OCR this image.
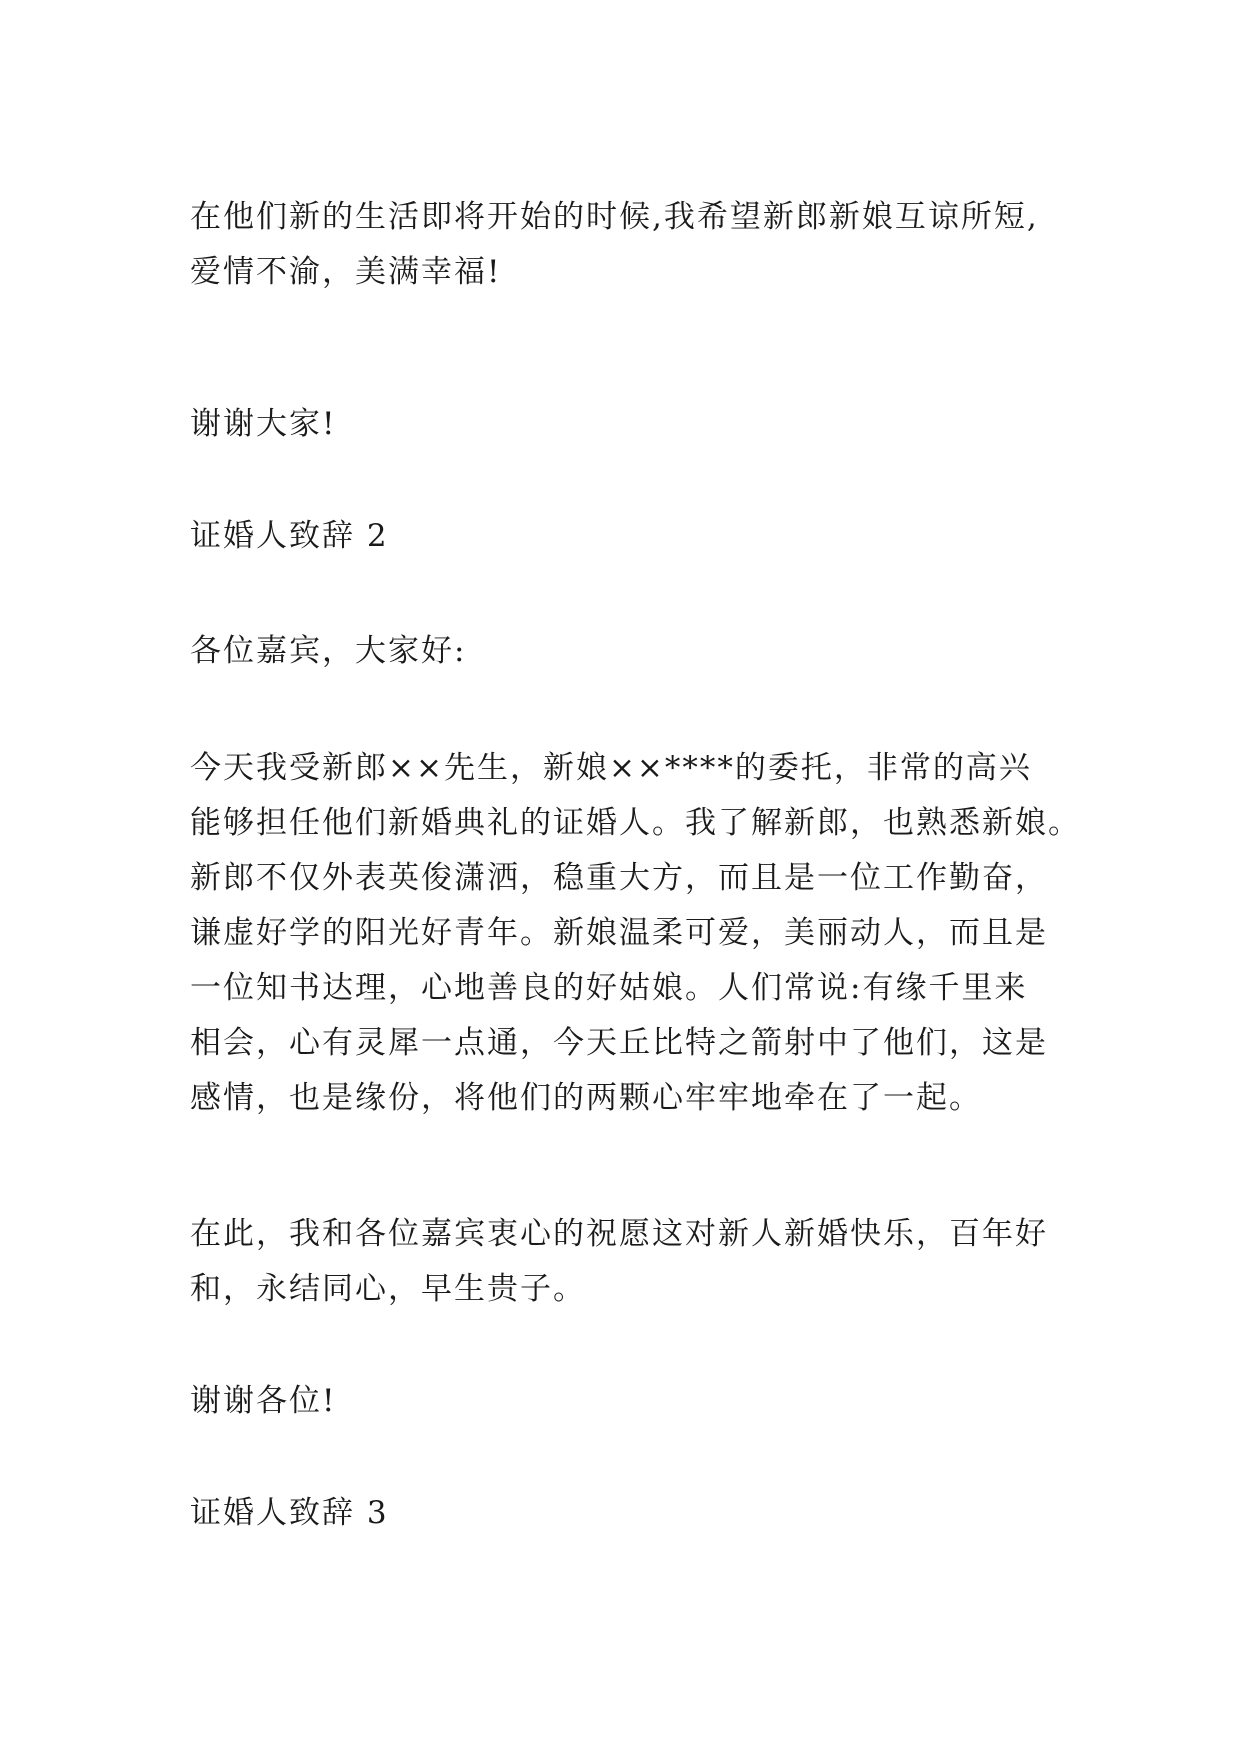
在他们新的生活即将开始的时候,我希望新郎新娘互谅所短,
爱情不渝，美满幸福!
谢谢大家!
证婚人致辞 2
各位嘉宾，大家好:
今天我受新郎××先生，新娘××****的委托，非常的高兴
能够担任他们新婚典礼的证婚人。我了解新郎，也熟悉新娘。
新郎不仅外表英俊潇洒，稳重大方，而且是一位工作勤奋，
谦虚好学的阳光好青年。新娘温柔可爱，美丽动人，而且是
一位知书达理，心地善良的好姑娘。人们常说:有缘千里来
相会，心有灵犀一点通，今天丘比特之箭射中了他们，这是
感情，也是缘份，将他们的两颗心牢牢地牵在了一起。
在此，我和各位嘉宾衷心的祝愿这对新人新婚快乐，百年好
和，永结同心，早生贵子。
谢谢各位!
证婚人致辞 3
